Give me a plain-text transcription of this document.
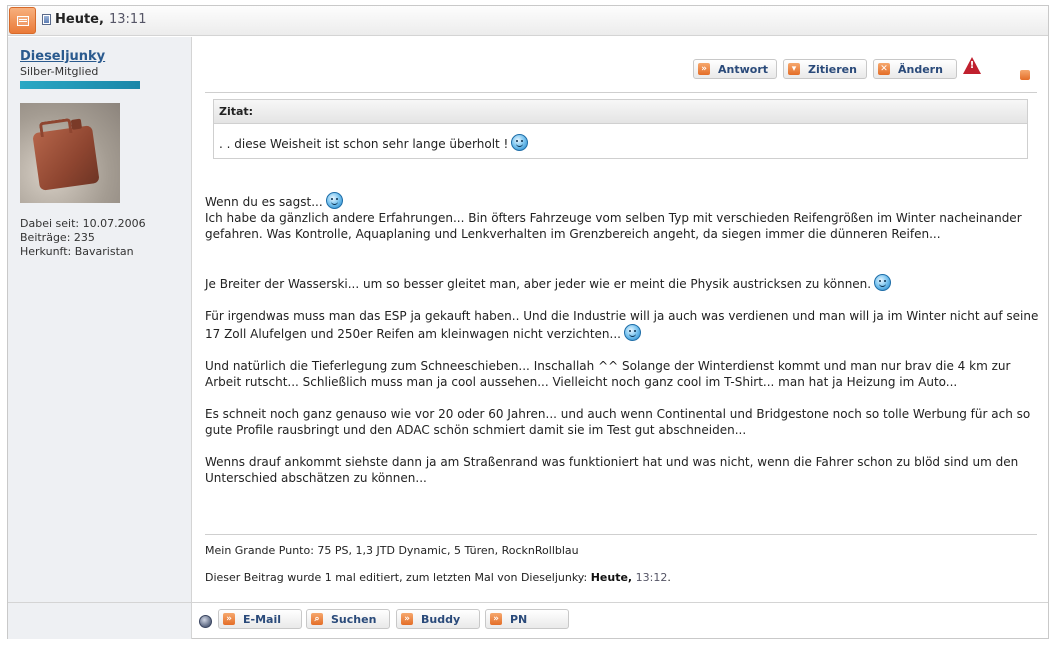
Heute, 13:11
Dieseljunky
Silber-Mitglied
Dabei seit: 10.07.2006
Beiträge: 235
Herkunft: Bavaristan
» Antwort	▾	Zitieren	✕ Ändern	!
Zitat:
. . diese Weisheit ist schon sehr lange überholt !
Wenn du es sagst...
Ich habe da gänzlich andere Erfahrungen... Bin öfters Fahrzeuge vom selben Typ mit verschieden Reifengrößen im Winter nacheinander gefahren. Was Kontrolle, Aquaplaning und Lenkverhalten im Grenzbereich angeht, da siegen immer die dünneren Reifen...
Je Breiter der Wasserski... um so besser gleitet man, aber jeder wie er meint die Physik austricksen zu können.
Für irgendwas muss man das ESP ja gekauft haben.. Und die Industrie will ja auch was verdienen und man will ja im Winter nicht auf seine 17 Zoll Alufelgen und 250er Reifen am kleinwagen nicht verzichten...
Und natürlich die Tieferlegung zum Schneeschieben... Inschallah ^^ Solange der Winterdienst kommt und man nur brav die 4 km zur Arbeit rutscht... Schließlich muss man ja cool aussehen... Vielleicht noch ganz cool im T-Shirt... man hat ja Heizung im Auto...
Es schneit noch ganz genauso wie vor 20 oder 60 Jahren... und auch wenn Continental und Bridgestone noch so tolle Werbung für ach so gute Profile rausbringt und den ADAC schön schmiert damit sie im Test gut abschneiden...
Wenns drauf ankommt siehste dann ja am Straßenrand was funktioniert hat und was nicht, wenn die Fahrer schon zu blöd sind um den Unterschied abschätzen zu können...
Mein Grande Punto: 75 PS, 1,3 JTD Dynamic, 5 Türen, RocknRollblau
Dieser Beitrag wurde 1 mal editiert, zum letzten Mal von Dieseljunky: Heute, 13:12.
» E-Mail	⌕	Suchen	» Buddy	» PN
